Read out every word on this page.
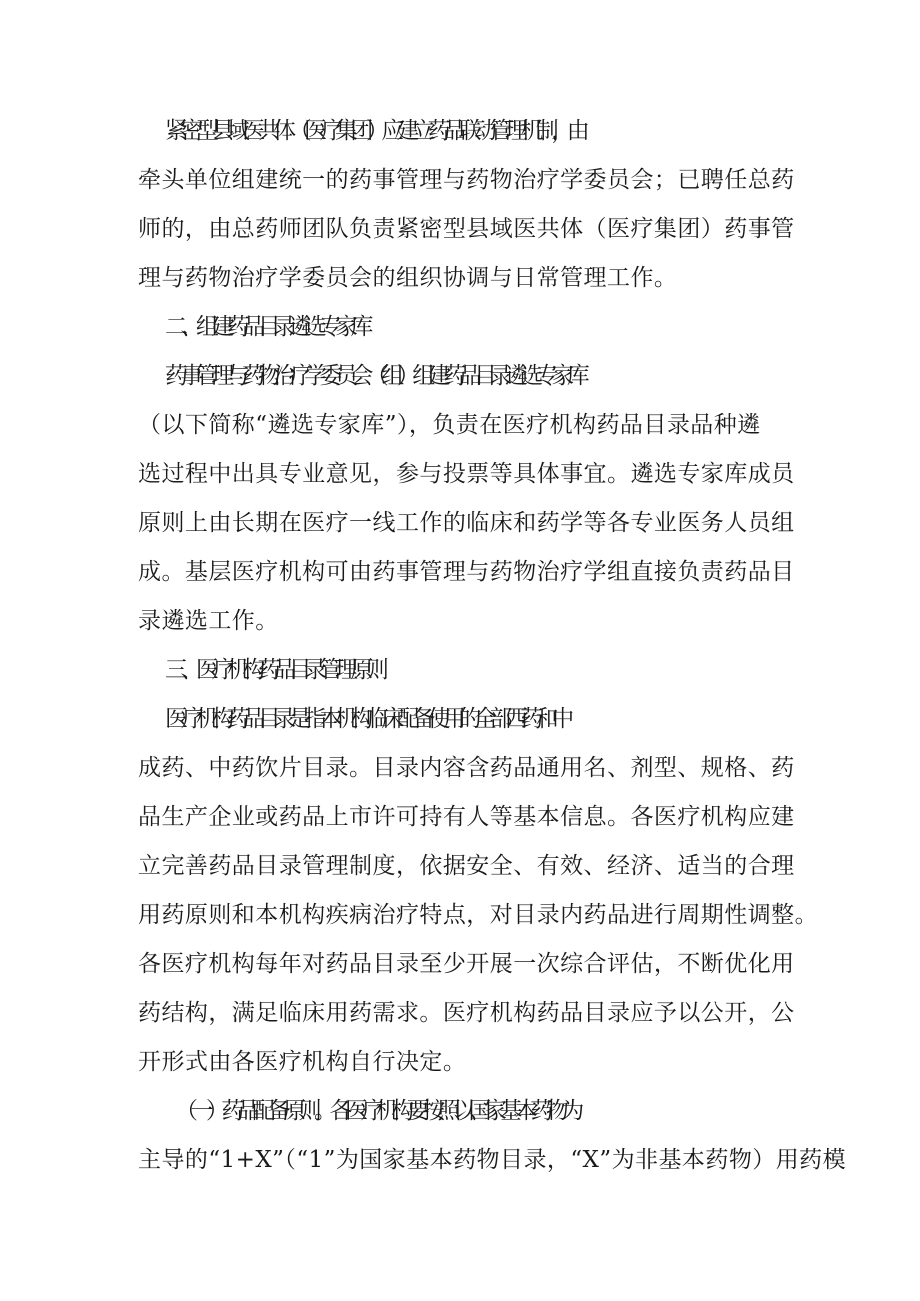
紧密型县域医共体（医疗集团）应建立药品联动管理机制，由
牵头单位组建统一的药事管理与药物治疗学委员会；已聘任总药
师的，由总药师团队负责紧密型县域医共体（医疗集团）药事管
理与药物治疗学委员会的组织协调与日常管理工作。
二、组建药品目录遴选专家库
药事管理与药物治疗学委员会（组）组建药品目录遴选专家库
（以下简称“遴选专家库”），负责在医疗机构药品目录品种遴
选过程中出具专业意见，参与投票等具体事宜。遴选专家库成员
原则上由长期在医疗一线工作的临床和药学等各专业医务人员组
成。基层医疗机构可由药事管理与药物治疗学组直接负责药品目
录遴选工作。
三、医疗机构药品目录管理原则
医疗机构药品目录是指本机构临床配备使用的全部西药和中
成药、中药饮片目录。目录内容含药品通用名、剂型、规格、药
品生产企业或药品上市许可持有人等基本信息。各医疗机构应建
立完善药品目录管理制度，依据安全、有效、经济、适当的合理
用药原则和本机构疾病治疗特点，对目录内药品进行周期性调整。
各医疗机构每年对药品目录至少开展一次综合评估，不断优化用
药结构，满足临床用药需求。医疗机构药品目录应予以公开，公
开形式由各医疗机构自行决定。
（一）药品配备原则。各医疗机构要按照以国家基本药物为
主导的“1+X”（“1”为国家基本药物目录，“X”为非基本药物）用药模
